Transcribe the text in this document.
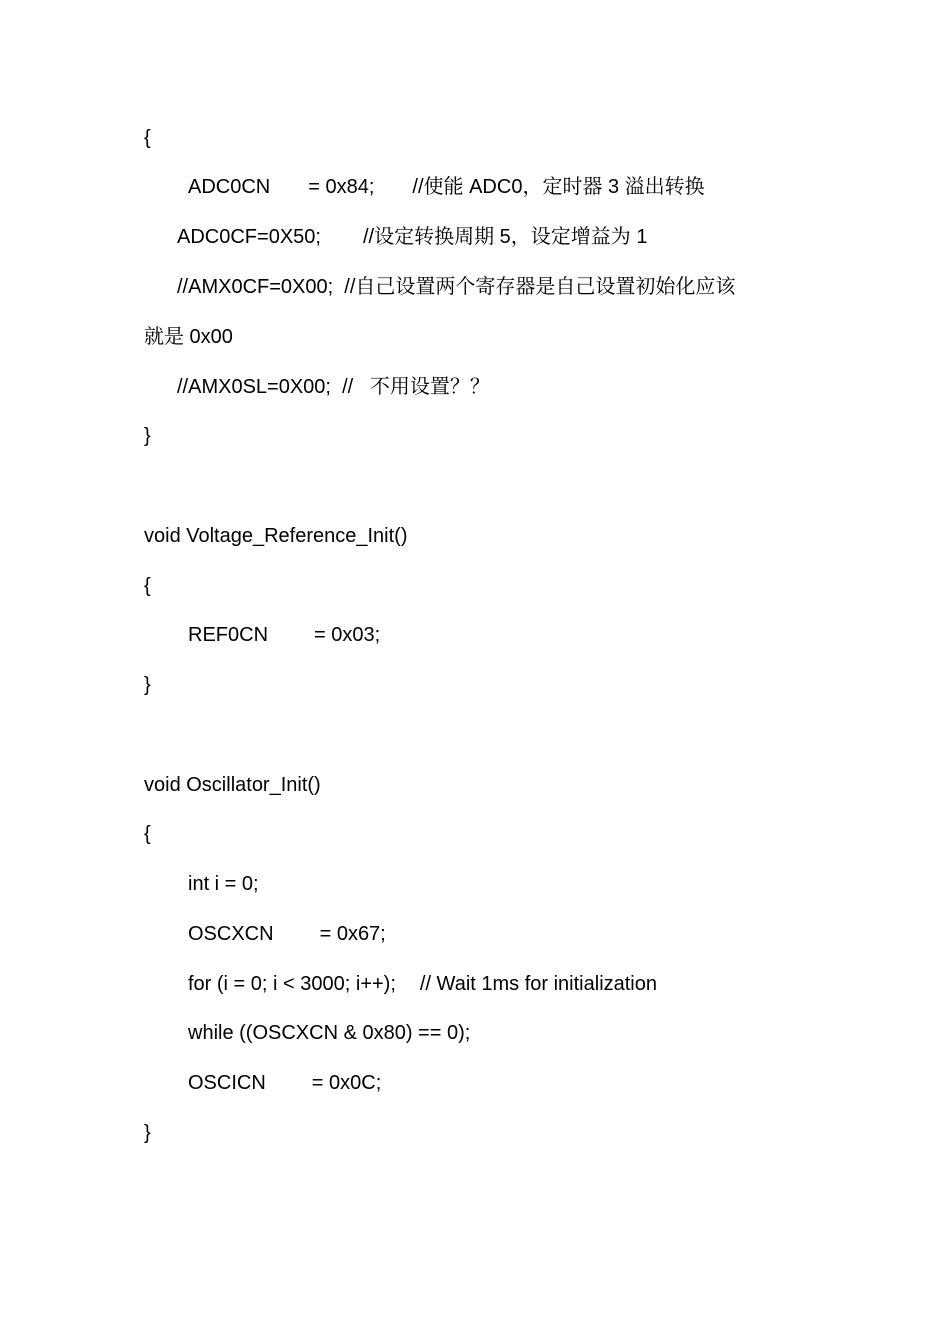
{
ADC0CN = 0x84; //使能 ADC0，定时器 3 溢出转换
ADC0CF=0X50; //设定转换周期 5，设定增益为 1
//AMX0CF=0X00;  //自己设置两个寄存器是自己设置初始化应该
就是 0x00
//AMX0SL=0X00;  //   不用设置？？
}
void Voltage_Reference_Init()
{
REF0CN = 0x03;
}
void Oscillator_Init()
{
int i = 0;
OSCXCN = 0x67;
for (i = 0; i < 3000; i++); // Wait 1ms for initialization
while ((OSCXCN & 0x80) == 0);
OSCICN = 0x0C;
}
